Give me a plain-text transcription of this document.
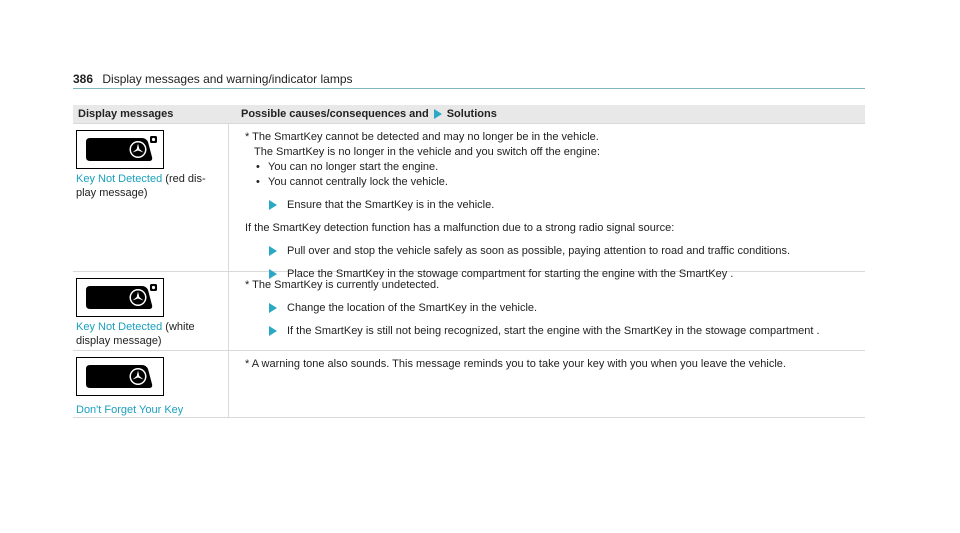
386 Display messages and warning/indicator lamps
Display messages	Possible causes/consequences and Solutions
Key Not Detected (red dis-play message)
* The SmartKey cannot be detected and may no longer be in the vehicle.
The SmartKey is no longer in the vehicle and you switch off the engine:
• You can no longer start the engine.
• You cannot centrally lock the vehicle.
Ensure that the SmartKey is in the vehicle.
If the SmartKey detection function has a malfunction due to a strong radio signal source:
Pull over and stop the vehicle safely as soon as possible, paying attention to road and traffic conditions.
Place the SmartKey in the stowage compartment for starting the engine with the SmartKey .
Key Not Detected (white display message)
* The SmartKey is currently undetected.
Change the location of the SmartKey in the vehicle.
If the SmartKey is still not being recognized, start the engine with the SmartKey in the stowage compartment .
Don't Forget Your Key
* A warning tone also sounds. This message reminds you to take your key with you when you leave the vehicle.
